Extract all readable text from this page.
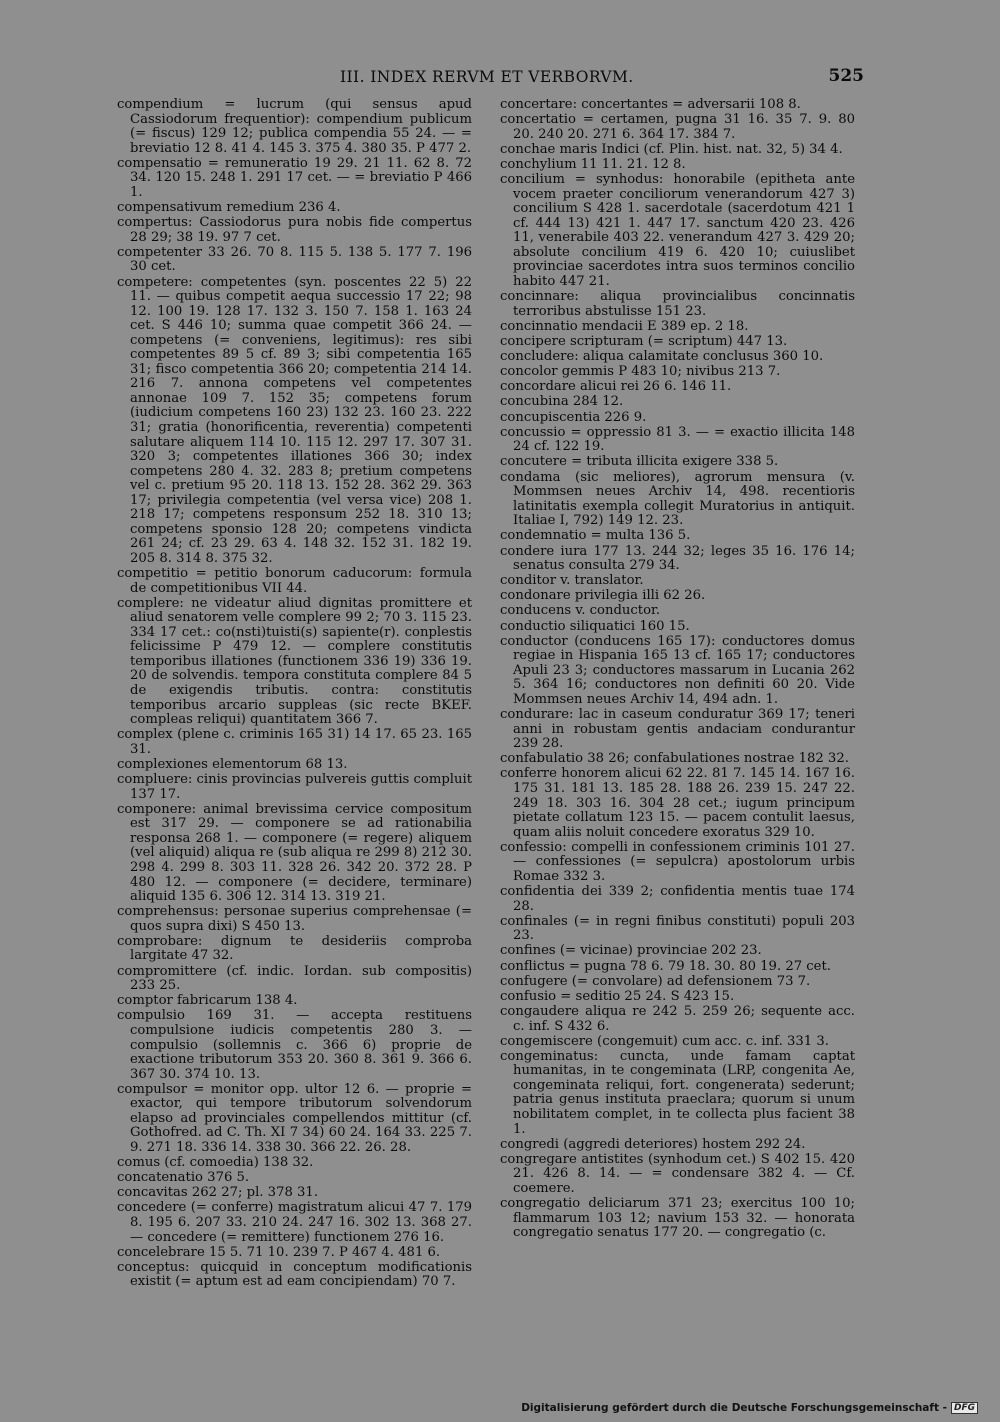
III. INDEX RERVM ET VERBORVM.	525

compendium = lucrum (qui sensus apud Cassiodorum frequentior): compendium publicum (= fiscus) 129 12; publica compendia 55 24. — = breviatio 12 8. 41 4. 145 3. 375 4. 380 35. P 477 2.

compensatio = remuneratio 19 29. 21 11. 62 8. 72 34. 120 15. 248 1. 291 17 cet. — = breviatio P 466 1.

compensativum remedium 236 4.

compertus: Cassiodorus pura nobis fide compertus 28 29; 38 19. 97 7 cet.

competenter 33 26. 70 8. 115 5. 138 5. 177 7. 196 30 cet.

competere: competentes (syn. poscentes 22 5) 22 11. — quibus competit aequa successio 17 22; 98 12. 100 19. 128 17. 132 3. 150 7. 158 1. 163 24 cet. S 446 10; summa quae competit 366 24. — competens (= conveniens, legitimus): res sibi competentes 89 5 cf. 89 3; sibi competentia 165 31; fisco competentia 366 20; competentia 214 14. 216 7. annona competens vel competentes annonae 109 7. 152 35; competens forum (iudicium competens 160 23) 132 23. 160 23. 222 31; gratia (honorificentia, reverentia) competenti salutare aliquem 114 10. 115 12. 297 17. 307 31. 320 3; competentes illationes 366 30; index competens 280 4. 32. 283 8; pretium competens vel c. pretium 95 20. 118 13. 152 28. 362 29. 363 17; privilegia competentia (vel versa vice) 208 1. 218 17; competens responsum 252 18. 310 13; competens sponsio 128 20; competens vindicta 261 24; cf. 23 29. 63 4. 148 32. 152 31. 182 19. 205 8. 314 8. 375 32.

competitio = petitio bonorum caducorum: formula de competitionibus VII 44.

complere: ne videatur aliud dignitas promittere et aliud senatorem velle complere 99 2; 70 3. 115 23. 334 17 cet.: co(nsti)tuisti(s) sapiente(r). conplestis felicissime P 479 12. — complere constitutis temporibus illationes (functionem 336 19) 336 19. 20 de solvendis. tempora constituta complere 84 5 de exigendis tributis. contra: constitutis temporibus arcario suppleas (sic recte BKEF. compleas reliqui) quantitatem 366 7.

complex (plene c. criminis 165 31) 14 17. 65 23. 165 31.

complexiones elementorum 68 13.

compluere: cinis provincias pulvereis guttis compluit 137 17.

componere: animal brevissima cervice compositum est 317 29. — componere se ad rationabilia responsa 268 1. — componere (= regere) aliquem (vel aliquid) aliqua re (sub aliqua re 299 8) 212 30. 298 4. 299 8. 303 11. 328 26. 342 20. 372 28. P 480 12. — componere (= decidere, terminare) aliquid 135 6. 306 12. 314 13. 319 21.

comprehensus: personae superius comprehensae (= quos supra dixi) S 450 13.

comprobare: dignum te desideriis comproba largitate 47 32.

compromittere (cf. indic. Iordan. sub compositis) 233 25.

comptor fabricarum 138 4.

compulsio 169 31. — accepta restituens compulsione iudicis competentis 280 3. — compulsio (sollemnis c. 366 6) proprie de exactione tributorum 353 20. 360 8. 361 9. 366 6. 367 30. 374 10. 13.

compulsor = monitor opp. ultor 12 6. — proprie = exactor, qui tempore tributorum solvendorum elapso ad provinciales compellendos mittitur (cf. Gothofred. ad C. Th. XI 7 34) 60 24. 164 33. 225 7. 9. 271 18. 336 14. 338 30. 366 22. 26. 28.

comus (cf. comoedia) 138 32.

concatenatio 376 5.

concavitas 262 27; pl. 378 31.

concedere (= conferre) magistratum alicui 47 7. 179 8. 195 6. 207 33. 210 24. 247 16. 302 13. 368 27. — concedere (= remittere) functionem 276 16.

concelebrare 15 5. 71 10. 239 7. P 467 4. 481 6.

conceptus: quicquid in conceptum modificationis existit (= aptum est ad eam concipiendam) 70 7.

concertare: concertantes = adversarii 108 8.

concertatio = certamen, pugna 31 16. 35 7. 9. 80 20. 240 20. 271 6. 364 17. 384 7.

conchae maris Indici (cf. Plin. hist. nat. 32, 5) 34 4.

conchylium 11 11. 21. 12 8.

concilium = synhodus: honorabile (epitheta ante vocem praeter conciliorum venerandorum 427 3) concilium S 428 1. sacerdotale (sacerdotum 421 1 cf. 444 13) 421 1. 447 17. sanctum 420 23. 426 11, venerabile 403 22. venerandum 427 3. 429 20; absolute concilium 419 6. 420 10; cuiuslibet provinciae sacerdotes intra suos terminos concilio habito 447 21.

concinnare: aliqua provincialibus concinnatis terroribus abstulisse 151 23.

concinnatio mendacii E 389 ep. 2 18.

concipere scripturam (= scriptum) 447 13.

concludere: aliqua calamitate conclusus 360 10.

concolor gemmis P 483 10; nivibus 213 7.

concordare alicui rei 26 6. 146 11.

concubina 284 12.

concupiscentia 226 9.

concussio = oppressio 81 3. — = exactio illicita 148 24 cf. 122 19.

concutere = tributa illicita exigere 338 5.

condama (sic meliores), agrorum mensura (v. Mommsen neues Archiv 14, 498. recentioris latinitatis exempla collegit Muratorius in antiquit. Italiae I, 792) 149 12. 23.

condemnatio = multa 136 5.

condere iura 177 13. 244 32; leges 35 16. 176 14; senatus consulta 279 34.

conditor v. translator.

condonare privilegia illi 62 26.

conducens v. conductor.

conductio siliquatici 160 15.

conductor (conducens 165 17): conductores domus regiae in Hispania 165 13 cf. 165 17; conductores Apuli 23 3; conductores massarum in Lucania 262 5. 364 16; conductores non definiti 60 20. Vide Mommsen neues Archiv 14, 494 adn. 1.

condurare: lac in caseum conduratur 369 17; teneri anni in robustam gentis andaciam condurantur 239 28.

confabulatio 38 26; confabulationes nostrae 182 32.

conferre honorem alicui 62 22. 81 7. 145 14. 167 16. 175 31. 181 13. 185 28. 188 26. 239 15. 247 22. 249 18. 303 16. 304 28 cet.; iugum principum pietate collatum 123 15. — pacem contulit laesus, quam aliis noluit concedere exoratus 329 10.

confessio: compelli in confessionem criminis 101 27. — confessiones (= sepulcra) apostolorum urbis Romae 332 3.

confidentia dei 339 2; confidentia mentis tuae 174 28.

confinales (= in regni finibus constituti) populi 203 23.

confines (= vicinae) provinciae 202 23.

conflictus = pugna 78 6. 79 18. 30. 80 19. 27 cet.

confugere (= convolare) ad defensionem 73 7.

confusio = seditio 25 24. S 423 15.

congaudere aliqua re 242 5. 259 26; sequente acc. c. inf. S 432 6.

congemiscere (congemuit) cum acc. c. inf. 331 3.

congeminatus: cuncta, unde famam captat humanitas, in te congeminata (LRP, congenita Ae, congeminata reliqui, fort. congenerata) sederunt; patria genus instituta praeclara; quorum si unum nobilitatem complet, in te collecta plus facient 38 1.

congredi (aggredi deteriores) hostem 292 24.

congregare antistites (synhodum cet.) S 402 15. 420 21. 426 8. 14. — = condensare 382 4. — Cf. coemere.

congregatio deliciarum 371 23; exercitus 100 10; flammarum 103 12; navium 153 32. — honorata congregatio senatus 177 20. — congregatio (c.

Digitalisierung gefördert durch die Deutsche Forschungsgemeinschaft - DFG
